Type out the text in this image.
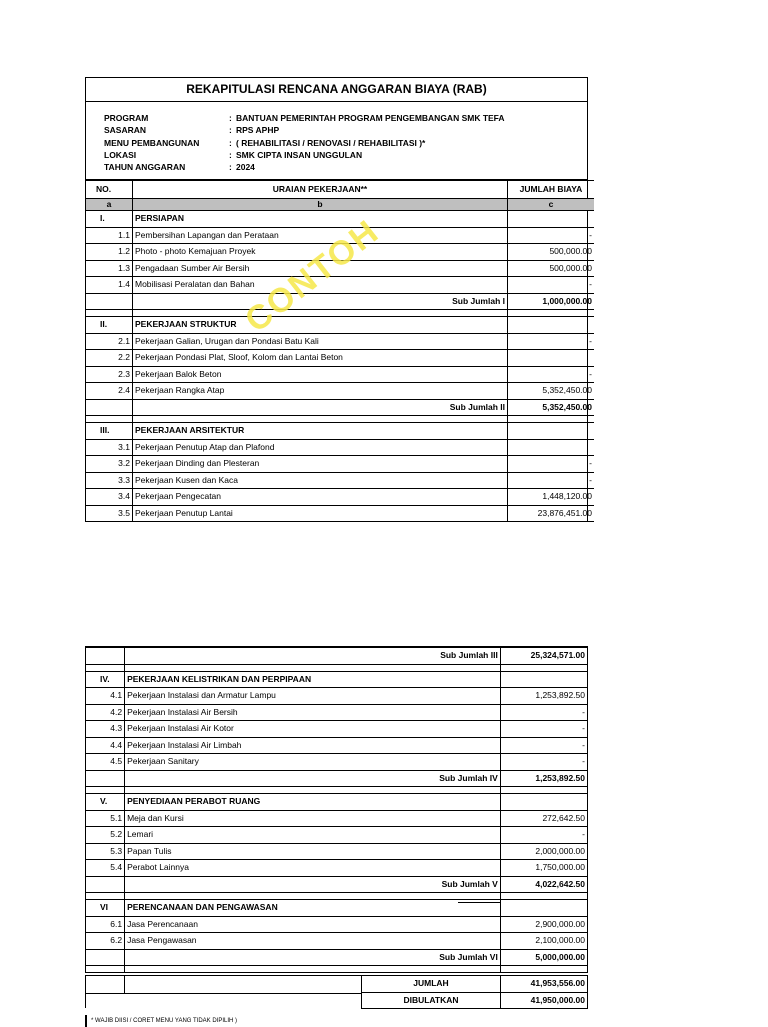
REKAPITULASI RENCANA ANGGARAN BIAYA (RAB)
PROGRAM	: BANTUAN PEMERINTAH PROGRAM PENGEMBANGAN SMK TEFA
SASARAN	: RPS APHP
MENU PEMBANGUNAN	: ( REHABILITASI / RENOVASI / REHABILITASI )*
LOKASI	: SMK CIPTA INSAN UNGGULAN
TAHUN ANGGARAN	: 2024
NO.	URAIAN PEKERJAAN**	JUMLAH BIAYA
a	b	c
I.	PERSIAPAN	
1.1	Pembersihan Lapangan dan Perataan	-
1.2	Photo - photo Kemajuan Proyek	500,000.00
1.3	Pengadaan Sumber Air Bersih	500,000.00
1.4	Mobilisasi Peralatan dan Bahan	-
	Sub Jumlah I	1,000,000.00

II.	PEKERJAAN STRUKTUR	
2.1	Pekerjaan Galian, Urugan dan Pondasi Batu Kali	-
2.2	Pekerjaan Pondasi Plat, Sloof, Kolom dan Lantai Beton	
2.3	Pekerjaan Balok Beton	-
2.4	Pekerjaan Rangka Atap	5,352,450.00
	Sub Jumlah II	5,352,450.00

III.	PEKERJAAN ARSITEKTUR	
3.1	Pekerjaan Penutup Atap dan Plafond	
3.2	Pekerjaan Dinding dan Plesteran	-
3.3	Pekerjaan Kusen dan Kaca	-
3.4	Pekerjaan Pengecatan	1,448,120.00
3.5	Pekerjaan Penutup Lantai	23,876,451.00
CONTOH
	Sub Jumlah III	25,324,571.00

IV.	PEKERJAAN KELISTRIKAN DAN PERPIPAAN	
4.1	Pekerjaan Instalasi dan Armatur Lampu	1,253,892.50
4.2	Pekerjaan Instalasi Air Bersih	-
4.3	Pekerjaan Instalasi Air Kotor	-
4.4	Pekerjaan Instalasi Air Limbah	-
4.5	Pekerjaan Sanitary	-
	Sub Jumlah IV	1,253,892.50

V.	PENYEDIAAN PERABOT RUANG	
5.1	Meja dan Kursi	272,642.50
5.2	Lemari	-
5.3	Papan Tulis	2,000,000.00
5.4	Perabot Lainnya	1,750,000.00
	Sub Jumlah V	4,022,642.50

VI	PERENCANAAN DAN PENGAWASAN	
6.1	Jasa Perencanaan	2,900,000.00
6.2	Jasa Pengawasan	2,100,000.00
	Sub Jumlah VI	5,000,000.00

JUMLAH	41,953,556.00
DIBULATKAN	41,950,000.00
* WAJIB DIISI / CORET MENU YANG TIDAK DIPILIH )
